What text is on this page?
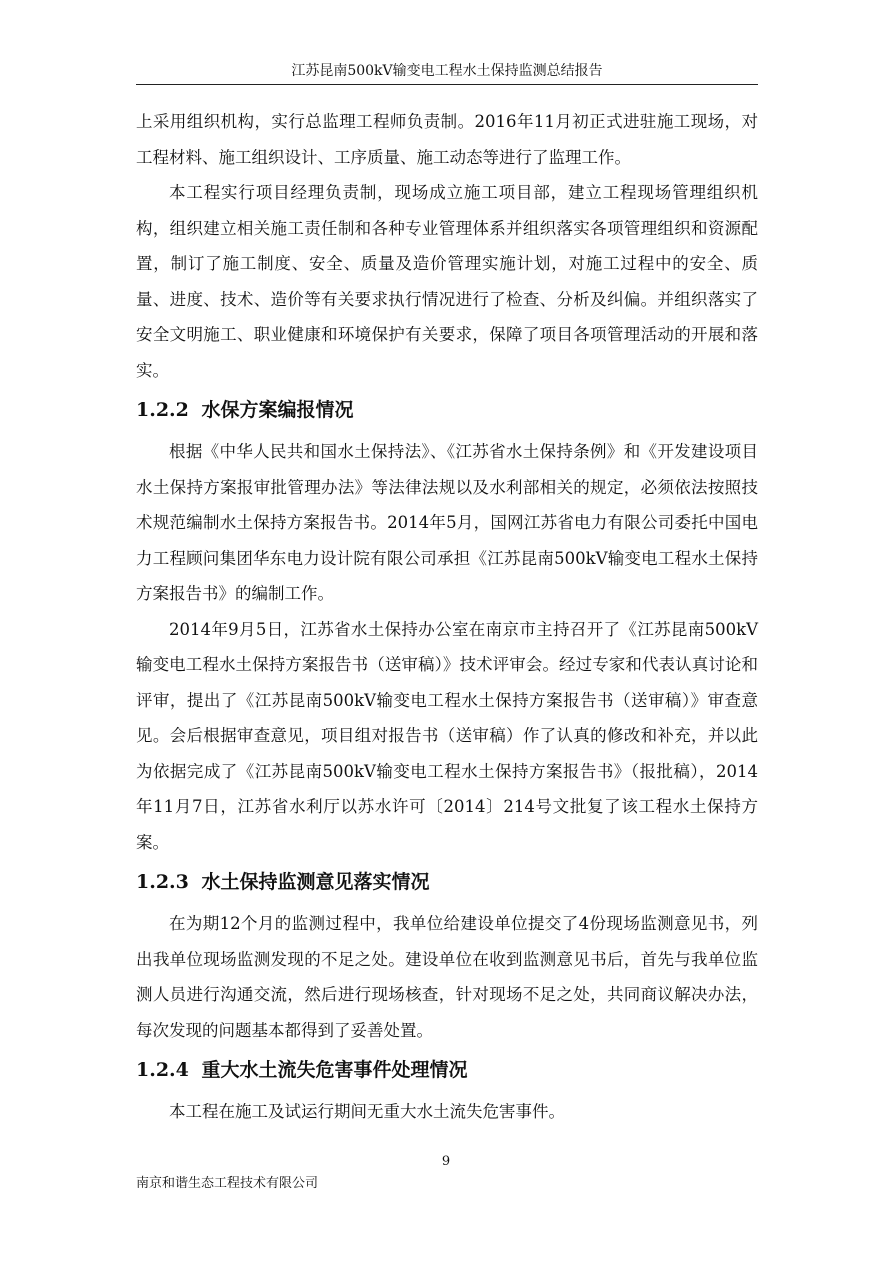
江苏昆南500kV输变电工程水土保持监测总结报告

上采用组织机构，实行总监理工程师负责制。2016年11月初正式进驻施工现场，对工程材料、施工组织设计、工序质量、施工动态等进行了监理工作。

本工程实行项目经理负责制，现场成立施工项目部，建立工程现场管理组织机构，组织建立相关施工责任制和各种专业管理体系并组织落实各项管理组织和资源配置，制订了施工制度、安全、质量及造价管理实施计划，对施工过程中的安全、质量、进度、技术、造价等有关要求执行情况进行了检查、分析及纠偏。并组织落实了安全文明施工、职业健康和环境保护有关要求，保障了项目各项管理活动的开展和落实。

1.2.2 水保方案编报情况

根据《中华人民共和国水土保持法》、《江苏省水土保持条例》和《开发建设项目水土保持方案报审批管理办法》等法律法规以及水利部相关的规定，必须依法按照技术规范编制水土保持方案报告书。2014年5月，国网江苏省电力有限公司委托中国电力工程顾问集团华东电力设计院有限公司承担《江苏昆南500kV输变电工程水土保持方案报告书》的编制工作。

2014年9月5日，江苏省水土保持办公室在南京市主持召开了《江苏昆南500kV输变电工程水土保持方案报告书（送审稿）》技术评审会。经过专家和代表认真讨论和评审，提出了《江苏昆南500kV输变电工程水土保持方案报告书（送审稿）》审查意见。会后根据审查意见，项目组对报告书（送审稿）作了认真的修改和补充，并以此为依据完成了《江苏昆南500kV输变电工程水土保持方案报告书》（报批稿），2014年11月7日，江苏省水利厅以苏水许可〔2014〕214号文批复了该工程水土保持方案。

1.2.3 水土保持监测意见落实情况

在为期12个月的监测过程中，我单位给建设单位提交了4份现场监测意见书，列出我单位现场监测发现的不足之处。建设单位在收到监测意见书后，首先与我单位监测人员进行沟通交流，然后进行现场核查，针对现场不足之处，共同商议解决办法，每次发现的问题基本都得到了妥善处置。

1.2.4 重大水土流失危害事件处理情况

本工程在施工及试运行期间无重大水土流失危害事件。

9
南京和谐生态工程技术有限公司
